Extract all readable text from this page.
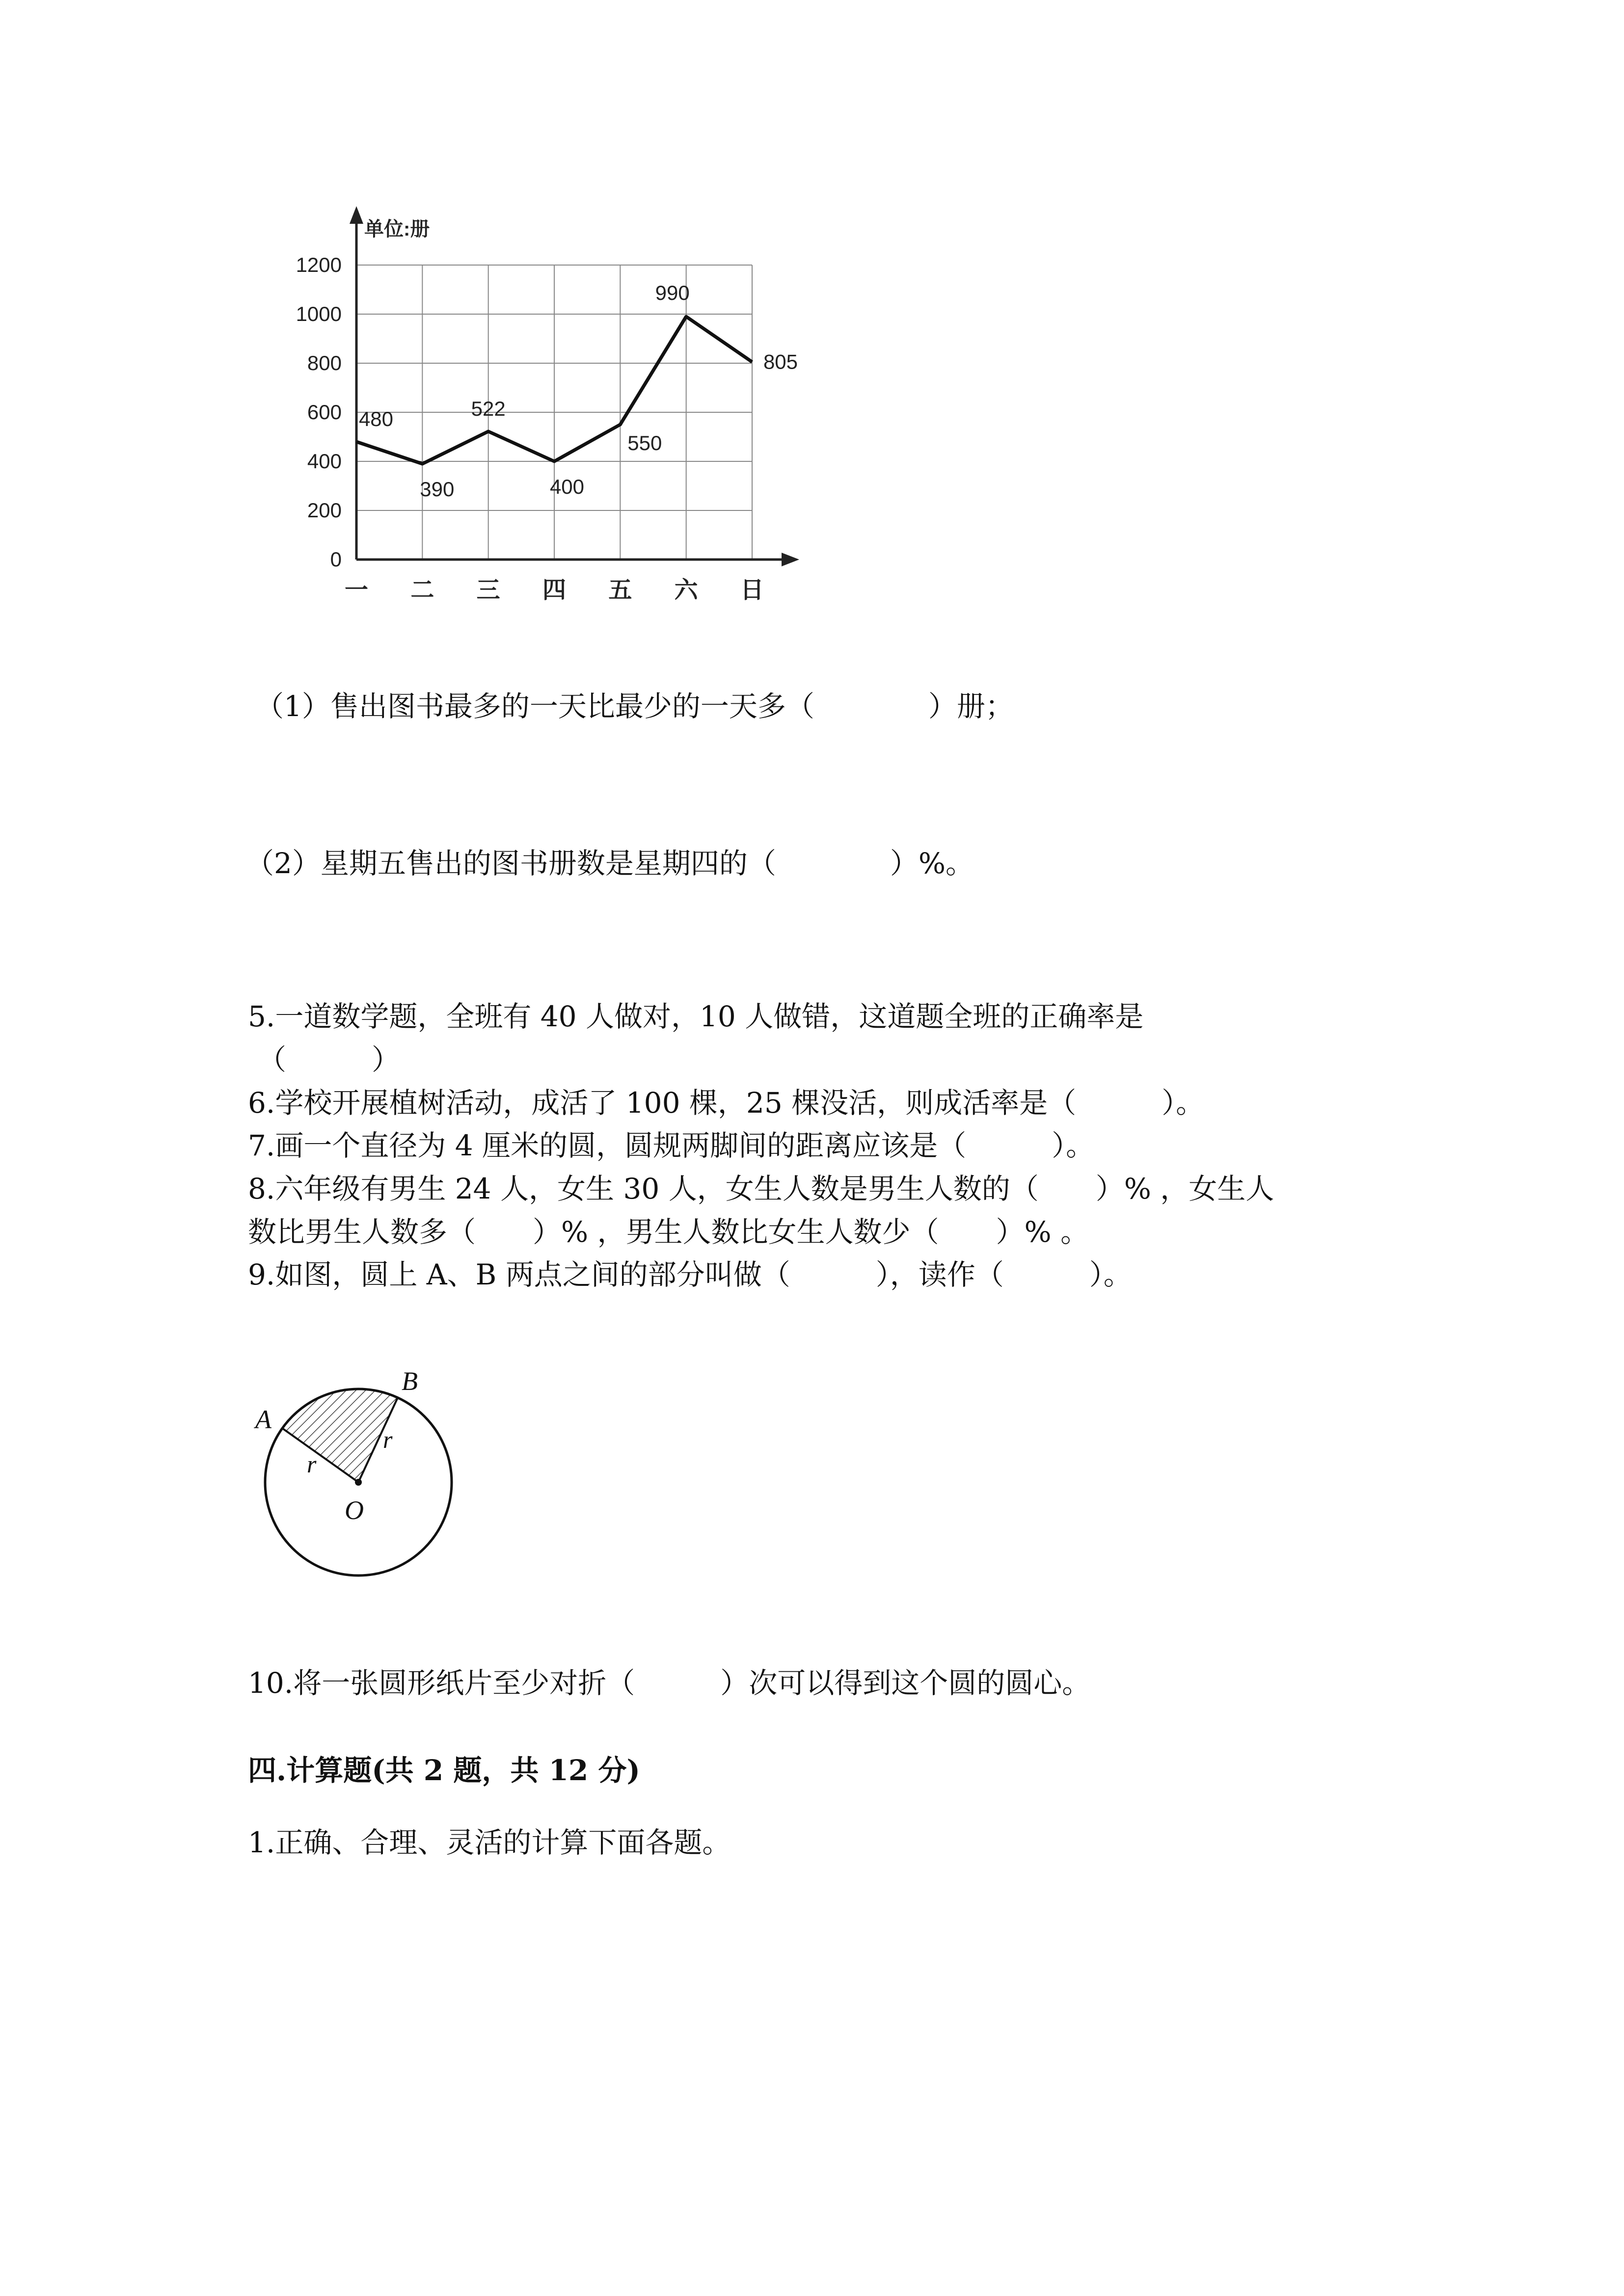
单位:册
0
200
400
600
800
1000
1200
一 二 三 四 五 六 日
480
390
522
400
550
990
805
（1）售出图书最多的一天比最少的一天多（　　　　）册；
（2）星期五售出的图书册数是星期四的（　　　　）%。
5.一道数学题，全班有 40 人做对，10 人做错，这道题全班的正确率是
（　　　）
6.学校开展植树活动，成活了 100 棵，25 棵没活，则成活率是（　　　）。
7.画一个直径为 4 厘米的圆，圆规两脚间的距离应该是（　　　）。
8.六年级有男生 24 人，女生 30 人，女生人数是男生人数的（　　）% ，女生人
数比男生人数多（　　）% ，男生人数比女生人数少（　　）% 。
9.如图，圆上 A、B 两点之间的部分叫做（　　　），读作（　　　）。
A
B
O
r
r
10.将一张圆形纸片至少对折（　　　）次可以得到这个圆的圆心。
四.计算题(共 2 题，共 12 分)
1.正确、合理、灵活的计算下面各题。
